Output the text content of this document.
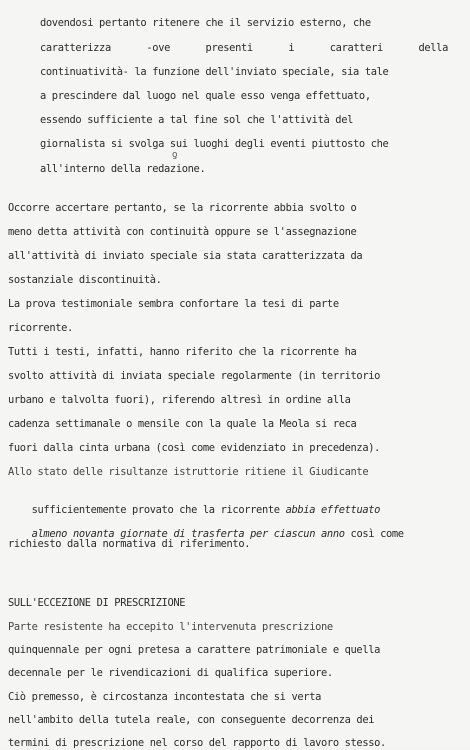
dovendosi pertanto ritenere che il servizio esterno, che
caratterizza -ove presenti i caratteri della
continuatività- la funzione dell'inviato speciale, sia tale
a prescindere dal luogo nel quale esso venga effettuato,
essendo sufficiente a tal fine sol che l'attività del
giornalista si svolga sui luoghi degli eventi piuttosto che
all'interno della redazione.
ƍ
Occorre accertare pertanto, se la ricorrente abbia svolto o
meno detta attività con continuità oppure se l'assegnazione
all'attività di inviato speciale sia stata caratterizzata da
sostanziale discontinuità.
La prova testimoniale sembra confortare la tesi di parte
ricorrente.
Tutti i testi, infatti, hanno riferito che la ricorrente ha
svolto attività di inviata speciale regolarmente (in territorio
urbano e talvolta fuori), riferendo altresì in ordine alla
cadenza settimanale o mensile con la quale la Meola si reca
fuori dalla cinta urbana (così come evidenziato in precedenza).
Allo stato delle risultanze istruttorie ritiene il Giudicante

sufficientemente provato che la ricorrente abbia effettuato

almeno novanta giornate di trasferta per ciascun anno così come

richiesto dalla normativa di riferimento.
SULL'ECCEZIONE DI PRESCRIZIONE
Parte resistente ha eccepito l'intervenuta prescrizione
quinquennale per ogni pretesa a carattere patrimoniale e quella
decennale per le rivendicazioni di qualifica superiore.
Ciò premesso, è circostanza incontestata che si verta
nell'ambito della tutela reale, con conseguente decorrenza dei
termini di prescrizione nel corso del rapporto di lavoro stesso.
